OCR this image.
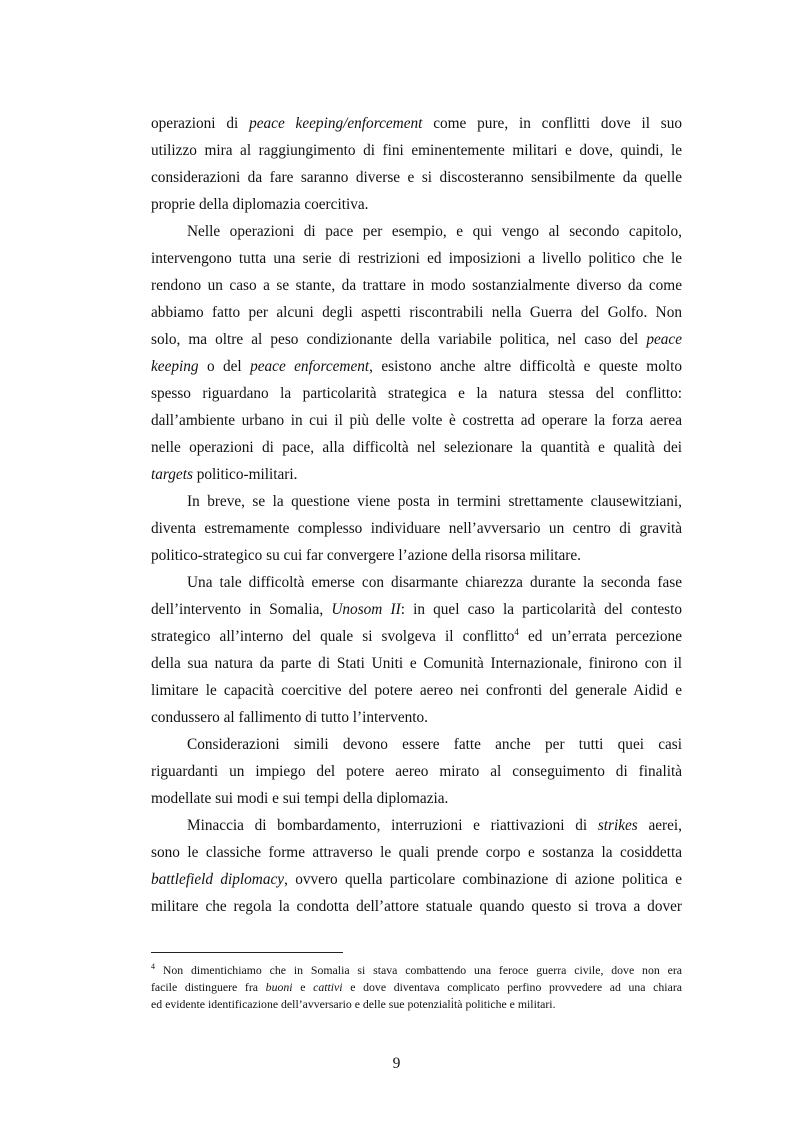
operazioni di peace keeping/enforcement come pure, in conflitti dove il suo
utilizzo mira al raggiungimento di fini eminentemente militari e dove, quindi, le
considerazioni da fare saranno diverse e si discosteranno sensibilmente da quelle
proprie della diplomazia coercitiva.
Nelle operazioni di pace per esempio, e qui vengo al secondo capitolo,
intervengono tutta una serie di restrizioni ed imposizioni a livello politico che le
rendono un caso a se stante, da trattare in modo sostanzialmente diverso da come
abbiamo fatto per alcuni degli aspetti riscontrabili nella Guerra del Golfo. Non
solo, ma oltre al peso condizionante della variabile politica, nel caso del peace
keeping o del peace enforcement, esistono anche altre difficoltà e queste molto
spesso riguardano la particolarità strategica e la natura stessa del conflitto:
dall’ambiente urbano in cui il più delle volte è costretta ad operare la forza aerea
nelle operazioni di pace, alla difficoltà nel selezionare la quantità e qualità dei
targets politico-militari.
In breve, se la questione viene posta in termini strettamente clausewitziani,
diventa estremamente complesso individuare nell’avversario un centro di gravità
politico-strategico su cui far convergere l’azione della risorsa militare.
Una tale difficoltà emerse con disarmante chiarezza durante la seconda fase
dell’intervento in Somalia, Unosom II: in quel caso la particolarità del contesto
strategico all’interno del quale si svolgeva il conflitto$^4$ ed un’errata percezione
della sua natura da parte di Stati Uniti e Comunità Internazionale, finirono con il
limitare le capacità coercitive del potere aereo nei confronti del generale Aidid e
condussero al fallimento di tutto l’intervento.
Considerazioni simili devono essere fatte anche per tutti quei casi
riguardanti un impiego del potere aereo mirato al conseguimento di finalità
modellate sui modi e sui tempi della diplomazia.
Minaccia di bombardamento, interruzioni e riattivazioni di strikes aerei,
sono le classiche forme attraverso le quali prende corpo e sostanza la cosiddetta
battlefield diplomacy, ovvero quella particolare combinazione di azione politica e
militare che regola la condotta dell’attore statuale quando questo si trova a dover
$^4$ Non dimentichiamo che in Somalia si stava combattendo una feroce guerra civile, dove non era
facile distinguere fra buoni e cattivi e dove diventava complicato perfino provvedere ad una chiara
ed evidente identificazione dell’avversario e delle sue potenziali̇tà politiche e militari.
9
